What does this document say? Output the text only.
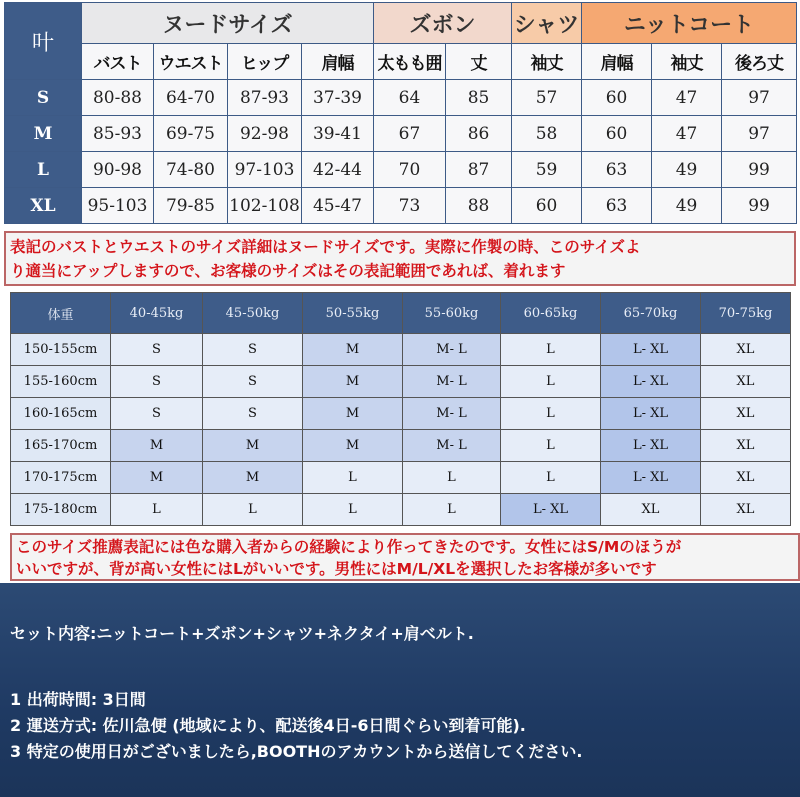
叶	ヌードサイズ				ズボン		シャツ	ニットコート		
	バスト	ウエスト	ヒップ	肩幅	太もも囲	丈	袖丈	肩幅	袖丈	後ろ丈
S	80-88	64-70	87-93	37-39	64	85	57	60	47	97
M	85-93	69-75	92-98	39-41	67	86	58	60	47	97
L	90-98	74-80	97-103	42-44	70	87	59	63	49	99
XL	95-103	79-85	102-108	45-47	73	88	60	63	49	99
表記のバストとウエストのサイズ詳細はヌードサイズです。実際に作製の時、このサイズよ
り適当にアップしますので、お客様のサイズはその表記範囲であれば、着れます
体重	40-45kg	45-50kg	50-55kg	55-60kg	60-65kg	65-70kg	70-75kg
150-155cm	S	S	M	M- L	L	L- XL	XL
155-160cm	S	S	M	M- L	L	L- XL	XL
160-165cm	S	S	M	M- L	L	L- XL	XL
165-170cm	M	M	M	M- L	L	L- XL	XL
170-175cm	M	M	L	L	L	L- XL	XL
175-180cm	L	L	L	L	L- XL	XL	XL
このサイズ推薦表記には色な購入者からの経験により作ってきたのです。女性にはS/Mのほうが
いいですが、背が高い女性にはLがいいです。男性にはM/L/XLを選択したお客様が多いです
セット内容:ニットコート+ズボン+シャツ+ネクタイ+肩ベルト.
1 出荷時間: 3日間
2 運送方式: 佐川急便 (地域により、配送後4日-6日間ぐらい到着可能).
3 特定の使用日がございましたら,BOOTHのアカウントから送信してください.
